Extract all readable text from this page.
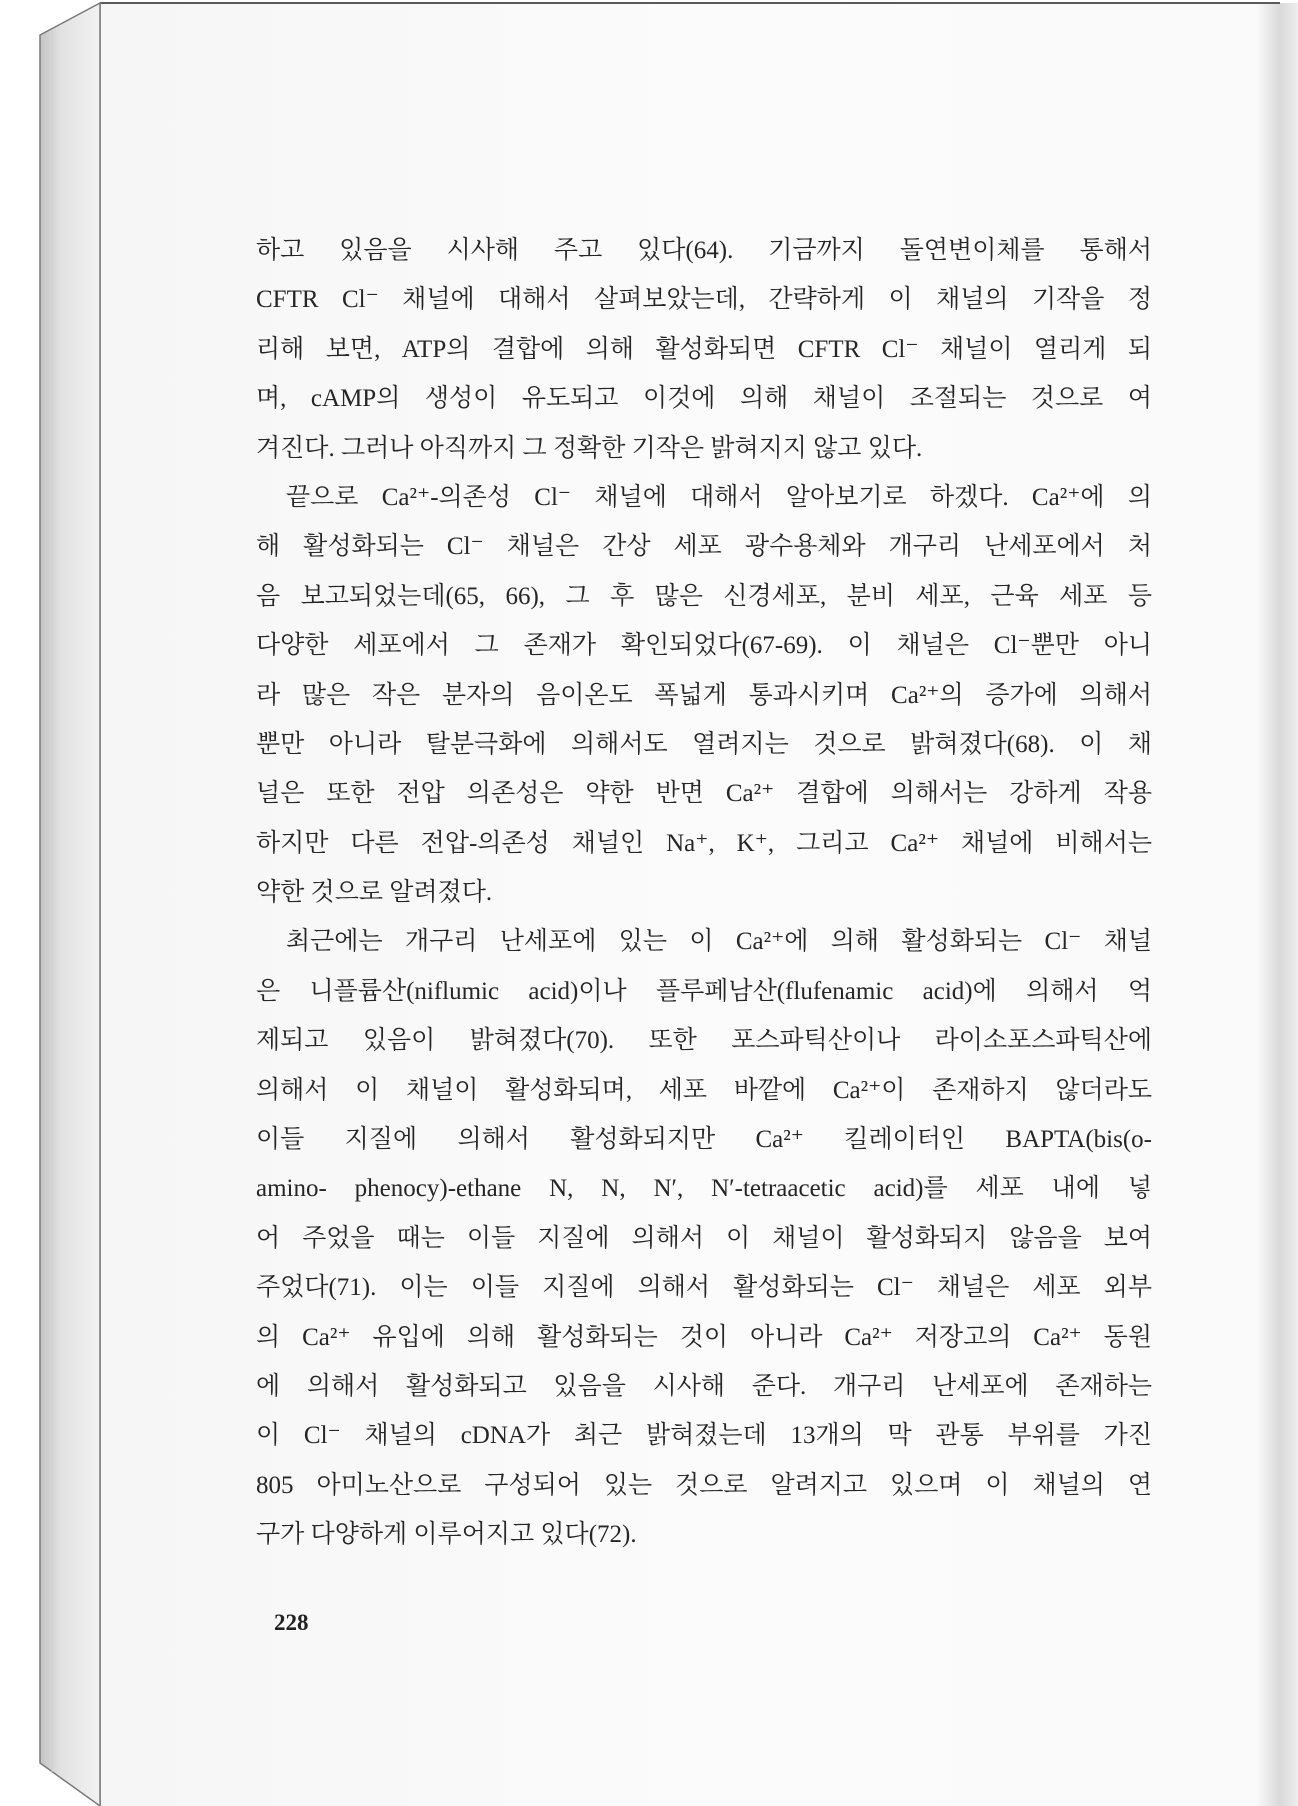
하고 있음을 시사해 주고 있다(64). 기금까지 돌연변이체를 통해서
CFTR Cl⁻ 채널에 대해서 살펴보았는데, 간략하게 이 채널의 기작을 정
리해 보면, ATP의 결합에 의해 활성화되면 CFTR Cl⁻ 채널이 열리게 되
며, cAMP의 생성이 유도되고 이것에 의해 채널이 조절되는 것으로 여
겨진다. 그러나 아직까지 그 정확한 기작은 밝혀지지 않고 있다.
끝으로 Ca²⁺-의존성 Cl⁻ 채널에 대해서 알아보기로 하겠다. Ca²⁺에 의
해 활성화되는 Cl⁻ 채널은 간상 세포 광수용체와 개구리 난세포에서 처
음 보고되었는데(65, 66), 그 후 많은 신경세포, 분비 세포, 근육 세포 등
다양한 세포에서 그 존재가 확인되었다(67-69). 이 채널은 Cl⁻뿐만 아니
라 많은 작은 분자의 음이온도 폭넓게 통과시키며 Ca²⁺의 증가에 의해서
뿐만 아니라 탈분극화에 의해서도 열려지는 것으로 밝혀졌다(68). 이 채
널은 또한 전압 의존성은 약한 반면 Ca²⁺ 결합에 의해서는 강하게 작용
하지만 다른 전압-의존성 채널인 Na⁺, K⁺, 그리고 Ca²⁺ 채널에 비해서는
약한 것으로 알려졌다.
최근에는 개구리 난세포에 있는 이 Ca²⁺에 의해 활성화되는 Cl⁻ 채널
은 니플륨산(niflumic acid)이나 플루페남산(flufenamic acid)에 의해서 억
제되고 있음이 밝혀졌다(70). 또한 포스파틱산이나 라이소포스파틱산에
의해서 이 채널이 활성화되며, 세포 바깥에 Ca²⁺이 존재하지 않더라도
이들 지질에 의해서 활성화되지만 Ca²⁺ 킬레이터인 BAPTA(bis(o-
amino- phenocy)-ethane N, N, N′, N′-tetraacetic acid)를 세포 내에 넣
어 주었을 때는 이들 지질에 의해서 이 채널이 활성화되지 않음을 보여
주었다(71). 이는 이들 지질에 의해서 활성화되는 Cl⁻ 채널은 세포 외부
의 Ca²⁺ 유입에 의해 활성화되는 것이 아니라 Ca²⁺ 저장고의 Ca²⁺ 동원
에 의해서 활성화되고 있음을 시사해 준다. 개구리 난세포에 존재하는
이 Cl⁻ 채널의 cDNA가 최근 밝혀졌는데 13개의 막 관통 부위를 가진
805 아미노산으로 구성되어 있는 것으로 알려지고 있으며 이 채널의 연
구가 다양하게 이루어지고 있다(72).
228
